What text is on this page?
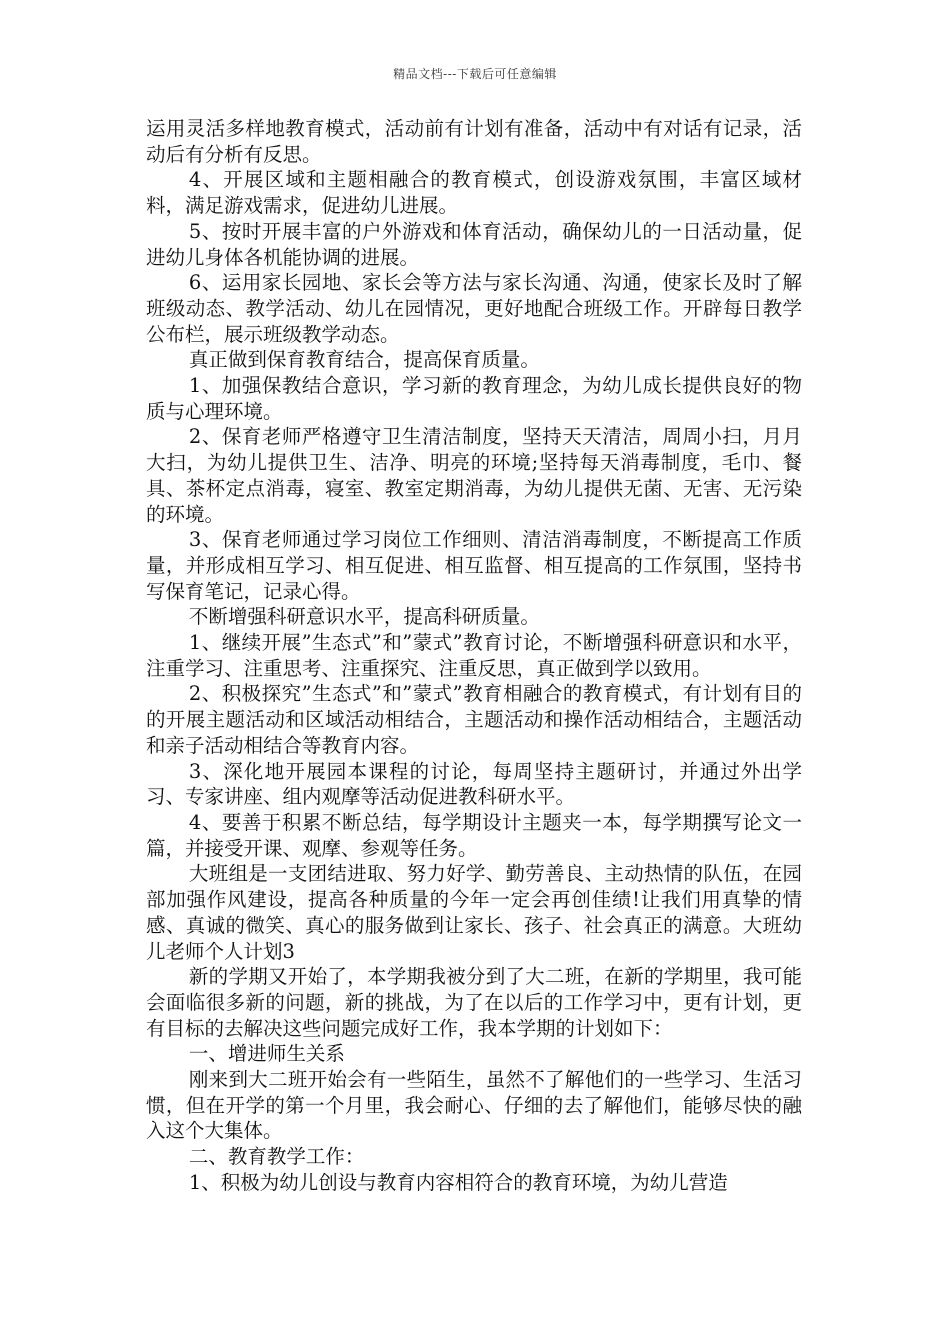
精品文档---下载后可任意编辑

运用灵活多样地教育模式，活动前有计划有准备，活动中有对话有记录，活动后有分析有反思。

4、开展区域和主题相融合的教育模式，创设游戏氛围，丰富区域材料，满足游戏需求，促进幼儿进展。

5、按时开展丰富的户外游戏和体育活动，确保幼儿的一日活动量，促进幼儿身体各机能协调的进展。

6、运用家长园地、家长会等方法与家长沟通、沟通，使家长及时了解班级动态、教学活动、幼儿在园情况，更好地配合班级工作。开辟每日教学公布栏，展示班级教学动态。

真正做到保育教育结合，提高保育质量。

1、加强保教结合意识，学习新的教育理念，为幼儿成长提供良好的物质与心理环境。

2、保育老师严格遵守卫生清洁制度，坚持天天清洁，周周小扫，月月大扫，为幼儿提供卫生、洁净、明亮的环境;坚持每天消毒制度，毛巾、餐具、茶杯定点消毒，寝室、教室定期消毒，为幼儿提供无菌、无害、无污染的环境。

3、保育老师通过学习岗位工作细则、清洁消毒制度，不断提高工作质量，并形成相互学习、相互促进、相互监督、相互提高的工作氛围，坚持书写保育笔记，记录心得。

不断增强科研意识水平，提高科研质量。

1、继续开展”生态式”和”蒙式”教育讨论，不断增强科研意识和水平，注重学习、注重思考、注重探究、注重反思，真正做到学以致用。

2、积极探究”生态式”和”蒙式”教育相融合的教育模式，有计划有目的的开展主题活动和区域活动相结合，主题活动和操作活动相结合，主题活动和亲子活动相结合等教育内容。

3、深化地开展园本课程的讨论，每周坚持主题研讨，并通过外出学习、专家讲座、组内观摩等活动促进教科研水平。

4、要善于积累不断总结，每学期设计主题夹一本，每学期撰写论文一篇，并接受开课、观摩、参观等任务。

大班组是一支团结进取、努力好学、勤劳善良、主动热情的队伍，在园部加强作风建设，提高各种质量的今年一定会再创佳绩!让我们用真挚的情感、真诚的微笑、真心的服务做到让家长、孩子、社会真正的满意。大班幼儿老师个人计划3

新的学期又开始了，本学期我被分到了大二班，在新的学期里，我可能会面临很多新的问题，新的挑战，为了在以后的工作学习中，更有计划，更有目标的去解决这些问题完成好工作，我本学期的计划如下：

一、增进师生关系

刚来到大二班开始会有一些陌生，虽然不了解他们的一些学习、生活习惯，但在开学的第一个月里，我会耐心、仔细的去了解他们，能够尽快的融入这个大集体。

二、教育教学工作：

1、积极为幼儿创设与教育内容相符合的教育环境，为幼儿营造
